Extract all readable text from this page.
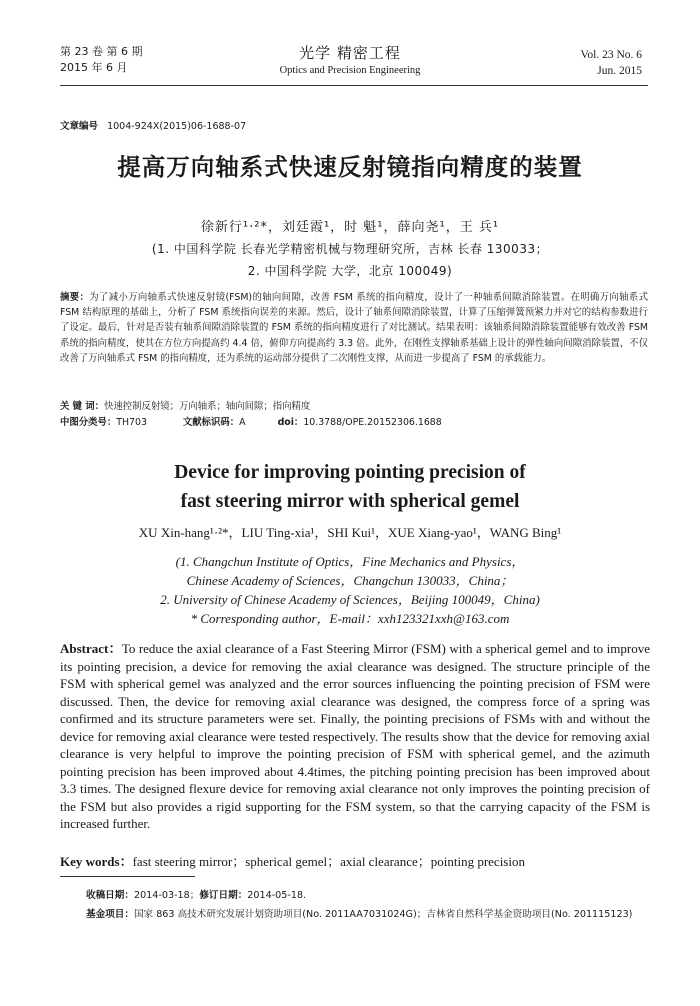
第 23 卷 第 6 期
2015 年 6 月
光学 精密工程
Optics and Precision Engineering
Vol. 23 No. 6
Jun. 2015
文章编号 1004-924X(2015)06-1688-07
提高万向轴系式快速反射镜指向精度的装置
徐新行¹·²*，刘廷霞¹，时 魁¹，薛向尧¹，王 兵¹
(1. 中国科学院 长春光学精密机械与物理研究所，吉林 长春 130033；
2. 中国科学院 大学，北京 100049)
摘要：为了减小万向轴系式快速反射镜(FSM)的轴向间隙，改善 FSM 系统的指向精度，设计了一种轴系间隙消除装置。在明确万向轴系式 FSM 结构原理的基础上，分析了 FSM 系统指向误差的来源。然后，设计了轴系间隙消除装置，计算了压缩弹簧预紧力并对它的结构参数进行了设定。最后，针对是否装有轴系间隙消除装置的 FSM 系统的指向精度进行了对比测试。结果表明：该轴系间隙消除装置能够有效改善 FSM 系统的指向精度，使其在方位方向提高约 4.4 倍，俯仰方向提高约 3.3 倍。此外，在刚性支撑轴系基础上设计的弹性轴向间隙消除装置，不仅改善了万向轴系式 FSM 的指向精度，还为系统的运动部分提供了二次刚性支撑，从而进一步提高了 FSM 的承载能力。
关 键 词：快速控制反射镜；万向轴系；轴向间隙；指向精度
中图分类号：TH703	文献标识码：A	doi：10.3788/OPE.20152306.1688
Device for improving pointing precision of
fast steering mirror with spherical gemel
XU Xin-hang¹·²*，LIU Ting-xia¹，SHI Kui¹，XUE Xiang-yao¹，WANG Bing¹
(1. Changchun Institute of Optics，Fine Mechanics and Physics，
Chinese Academy of Sciences，Changchun 130033，China；
2. University of Chinese Academy of Sciences，Beijing 100049，China)
* Corresponding author，E-mail：xxh123321xxh@163.com
Abstract：To reduce the axial clearance of a Fast Steering Mirror (FSM) with a spherical gemel and to improve its pointing precision, a device for removing the axial clearance was designed. The structure principle of the FSM with spherical gemel was analyzed and the error sources influencing the pointing precision of FSM were discussed. Then, the device for removing axial clearance was designed, the compress force of a spring was confirmed and its structure parameters were set. Finally, the pointing precisions of FSMs with and without the device for removing axial clearance were tested respectively. The results show that the device for removing axial clearance is very helpful to improve the pointing precision of FSM with spherical gemel, and the azimuth pointing precision has been improved about 4.4times, the pitching pointing precision has been improved about 3.3 times. The designed flexure device for removing axial clearance not only improves the pointing precision of the FSM but also provides a rigid supporting for the FSM system, so that the carrying capacity of the FSM is increased further.
Key words：fast steering mirror；spherical gemel；axial clearance；pointing precision
收稿日期：2014-03-18；修订日期：2014-05-18.
基金项目：国家 863 高技术研究发展计划资助项目(No. 2011AA7031024G)；吉林省自然科学基金资助项目(No. 201115123)
